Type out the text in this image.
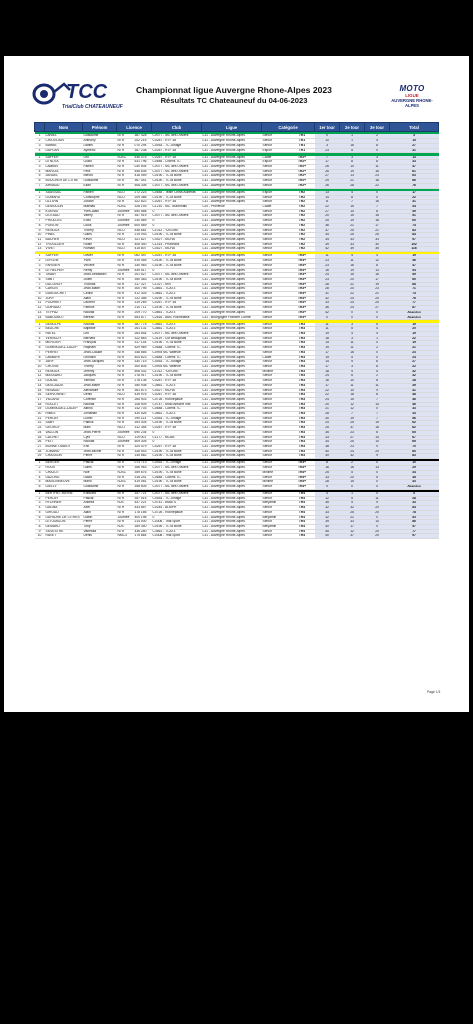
TCC
TrialClub CHATEAUNEUF
Championnat ligue Auvergne Rhone-Alpes 2023
Résultats TC Chateauneuf du 04-06-2023
MOTO
LIGUE
AUVERGNE RHONE-ALPES
	Nom	Prénom	Licence		Club	Ligue	Catégorie		1er tour	2e tour	3e tour	Total

1	LANIEL	Guillaume	NTR	367 428	C0077 - MC des Oliviers	L31 - Auvergne Rhone-Alpes	Senior	TR1	0	1	2	3
2	CHATELAIN	Anthony	NTR	202 215	C0267 - RTF 38	L31 - Auvergne Rhone-Alpes	Senior	TR1	10	1	4	15
3	BARBE	Daniel	NTR	070 294	C0453 - TC Jonage	L31 - Auvergne Rhone-Alpes	Senior	TR1	3	16	8	27
4	DUPLAN	Aymeric	NTR	367 238	C0267 - RTF 38	L31 - Auvergne Rhone-Alpes	Espoir	TR1	23	5	0	31

1	SAFFER	Leo	NJSC	536 075	C0267 - RTF 38	L31 - Auvergne Rhone-Alpes	Cadet	TR2+	7	3	3	13
2	DI NOTA	Giulio	NTR	531 796	C0648 - Colens TC	L31 - Auvergne Rhone-Alpes	Espoir	TR2+	17	8	8	33
3	LAMBIN	Fabien	NTR	030 504	C0077 - MC des Oliviers	L31 - Auvergne Rhone-Alpes	Senior	TR2+	26	10	11	47
4	MARCEL	Félix	NTR	548 835	C0077 - MC des Oliviers	L31 - Auvergne Rhone-Alpes	Senior	TR2+	26	19	16	61
5	JANUEL	Benoit	NTR	416 059	C0190 - TC la Burle	L31 - Auvergne Rhone-Alpes	Senior	TR2+	27	13	23	63
6	BOUCHER DE CITRE	Guillaume	NTR	367 441	C0190 - TC la Burle	L31 - Auvergne Rhone-Alpes	Senior	TR2+	29	21	16	66
7	ARNAUD	Elian	NTR	508 306	C0077 - MC des Oliviers	L31 - Auvergne Rhone-Alpes	Senior	TR2+	26	28	22	76

1	SAUSSAC	Fabien	NCO	272 223	C0648 - Team Cross Auberas	L31 - Auvergne Rhone-Alpes	Espoir	TR2	13	4	0	17
2	DOMARD	Christophe	NCO	209 366	C0190 - TC la Burle	L31 - Auvergne Rhone-Alpes	Senior	TR2	14	8	0	22
3	OLLIVIN	Jordan	NTR	322 822	C0267 - RTF 38	L31 - Auvergne Rhone-Alpes	Senior	TR2	8	7	16	31
4	DEMOULIN	Mathias	NJSC	326 193	C1210 - MC Toulonnais	L20 - Provence	Cadet	TR2	22	15	7	44
5	KOENIG	Yves-Alain	Journée	690 568	0	L31 - Auvergne Rhone-Alpes	Senior	TR2	27	14	8	49
6	LIOTAUD	Valéry	NTR	357 919	C0077 - MC des Oliviers	L31 - Auvergne Rhone-Alpes	Senior	TR2	20	15	16	51
7	PRIOLLES	Enzo	Journée	230 569	0	L31 - Auvergne Rhone-Alpes	Senior	TR2	25	19	16	60
8	POISON	Louis	Journée	600 569	0	L31 - Auvergne Rhone-Alpes	Senior	TR2	36	21	17	74
9	RENOUX	Thierry	NCO	538 681	C1012 - YZEURE	L31 - Auvergne Rhone-Alpes	Senior	TR2	37	25	21	83
10	PINEL	Gilles	NTR	219 093	C0190 - TC la Burle	L31 - Auvergne Rhone-Alpes	Senior	TR2	34	25	25	84
11	BACHER	Kevin	NCO	321 827	C0427 - MCHA	L31 - Auvergne Rhone-Alpes	Senior	TR2	34	33	33	97
12	TROULLIER	Robin	NTR	408 440	C1414 - Pruneaux	L31 - Auvergne Rhone-Alpes	Senior	TR2	39	33	30	102
13	VIVET	Romain	NCO	415 807	C0427 - MCHA	L31 - Auvergne Rhone-Alpes	Senior	TR2	42	39	35	116

1	SAFFER	Olivier	NTR	062 497	C0267 - RTF 38	L31 - Auvergne Rhone-Alpes	Senior	TR3+	11	4	4	19
2	LEFLEM	Yves	NTR	519 455	C0190 - TC la Burle	L31 - Auvergne Rhone-Alpes	Senior	TR3+	23	11	12	46
3	FARGIER	Vincent	NTR	330 963	C0190 - TC la Burle	L31 - Auvergne Rhone-Alpes	Senior	TR3+	23	16	8	47
4	LE HELPER	Remy	Journée	539 517	0	L31 - Auvergne Rhone-Alpes	Senior	TR3+	16	19	13	54
5	TAVAR	Jean-Sebastien	NTR	201 527	C0077 - MC des Oliviers	L31 - Auvergne Rhone-Alpes	Senior	TR3+	24	15	16	59
6	SIMIT	Julien	NTR	350 483	C0190 - TC la Burle	L31 - Auvergne Rhone-Alpes	Senior	TR3+	23	20	17	60
7	DUCONGY	Thomas	NTR	317 327	C1027 - MVI	L31 - Auvergne Rhone-Alpes	Senior	TR3+	28	21	19	68
8	CARLIN	Jean-Marie	NTR	300 795	C3661 - TCAT3	L31 - Auvergne Rhone-Alpes	Senior	TR3+	28	20	23	71
9	DUBOUCHET	Cédric	NTR	412 303	C3661 - TCAT3	L31 - Auvergne Rhone-Alpes	Senior	TR3+	31	22	21	74
10	JURY	Alain	NTR	222 356	C0190 - TC la Burle	L31 - Auvergne Rhone-Alpes	Senior	TR3+	32	24	20	76
11	POURRET	Laurent	NTR	319 269	C0267 - RTF 38	L31 - Auvergne Rhone-Alpes	Senior	TR3+	33	24	20	77
12	GUIRAUD	Fabrice	NTR	210 711	C0190 - TC la Burle	L31 - Auvergne Rhone-Alpes	Senior	TR3+	36	24	27	87
13	TEYPAZ	Nicolas	NTR	209 770	C3661 - TCAT3	L31 - Auvergne Rhone-Alpes	Senior	TR3+	42	0	0	Abandon
14	BABOUNOT	Bertran	NTR	553 877	C2616 - AMC Rochelaise	L31 - Bourgogne Franche Comte	Senior	TR3+	0	0	0	Abandon

1	DENOLPE	Nicolas	NTR	387 775	C3661 - TCAT3	L31 - Auvergne Rhone-Alpes	Senior	TR3	11	3	5	19
2	BEUCHE	Baptiste	NTR	261 131	C3661 - TCAT3	L31 - Auvergne Rhone-Alpes	Senior	TR3	11	5	4	20
3	RATEL	Leo	NTR	263 644	C0077 - MC des Oliviers	L31 - Auvergne Rhone-Alpes	Senior	TR3	19	4	4	19
4	VERNOZY	Bernard	NTR	322 863	C3119 - CM Beaujolais	L31 - Auvergne Rhone-Alpes	Senior	TR3	18	3	1	22
5	MERCIER	François	NTR	317 144	C0190 - TC la Burle	L31 - Auvergne Rhone-Alpes	Senior	TR3	14	11	0	19
6	DOMINGUEZ-LACEP	Raphael	NTR	529 969	C0648 - Colens TC	L31 - Auvergne Rhone-Alpes	Senior	TR3	19	11	2	21
7	PERRET	Jean-Claude	NTR	348 666	C0993 MC Valence	L31 - Auvergne Rhone-Alpes	Senior	TR3	17	16	0	23
8	LABBAYE	Leonard	NTR	404 623	C0648 - Colens TC	L31 - Auvergne Rhone-Alpes	Cadet	TR3	19	5	0	24
9	JARY	Jean Jacques	NTR	330 719	C0453 - TC Jonage	L31 - Auvergne Rhone-Alpes	Senior	TR3	14	9	6	27
10	CHOVIN	Thierry	NTR	300 805	C0993 MC Valence	L31 - Auvergne Rhone-Alpes	Senior	TR3	17	3	8	22
11	RENOUX	Jérémy	NTR	506 432	C1012 - YZEURE	L31 - Auvergne Rhone-Alpes	Minime	TR3	18	9	5	32
12	MASSARD	Jacques	NTR	278 917	C0190 - TC la Burle	L31 - Auvergne Rhone-Alpes	Senior	TR3	24	6	2	32
13	GUIDAL	Yannick	NTR	278 136	C0267 - RTF 38	L31 - Auvergne Rhone-Alpes	Senior	TR3	16	10	8	28
14	DESCAUZE	Jean-Marie	NTR	350 938	C3661 - TCAT3	L31 - Auvergne Rhone-Alpes	Senior	TR3	17	11	11	39
15	RENAUD	Alexandre	NTR	361 873	C0427 - MCHA	L31 - Auvergne Rhone-Alpes	Senior	TR3	22	10	9	41
16	SERVONNET	Denis	NCO	439 976	C0267 - RTF 38	L31 - Auvergne Rhone-Alpes	Senior	TR3	22	18	8	48
17	VILLARD	Corentin	NTR	265 903	C0726 - Rochepaule	L31 - Auvergne Rhone-Alpes	Senior	TR3	24	15	7	46
18	ROLLET	Nicolas	NTR	108 909	C0747 - Moto Antiche Inst	L31 - Auvergne Rhone-Alpes	Senior	TR3	20	12	14	46
19	DOMINGUEZ-LACEP	Albino	NTR	142 703	C0648 - Colens TC	L31 - Auvergne Rhone-Alpes	Senior	TR3	21	12	0	33
20	RIBES	Jonathan	NTR	430 526	C3661 - TCAT3	L31 - Auvergne Rhone-Alpes	Senior	TR3	28	7	7	33
21	PERLAY	Lionel	NTR	290 113	C0453 - TC Jonage	L31 - Auvergne Rhone-Alpes	Senior	TR3	30	19	7	56
22	SABY	Patrick	NTR	393 405	C0190 - TC la Burle	L31 - Auvergne Rhone-Alpes	Senior	TR3	24	25	19	62
23	GEORGY	Marc	NCO	312 354	C0267 - RTF 38	L31 - Auvergne Rhone-Alpes	Senior	TR3	25	37	18	62
24	VALLON	Jean-Pierre	Journée	690 235	0	L31 - Auvergne Rhone-Alpes	Senior	TR3	35	23	6	65
25	CACHET	Cyril	NCO	119 001	C1177 - MCAB	L31 - Auvergne Rhone-Alpes	Senior	TR3	33	27	14	67
26	PIOT	Nicolas	Journée	509 305	0	L31 - Auvergne Rhone-Alpes	Senior	TR3	34	25	10	69
27	BONNET-MAIOT	Eric	NTR	324 479	C0267 - RTF 38	L31 - Auvergne Rhone-Alpes	Senior	TR3	38	23	9	70
28	JOMARD	Jean-Michel	NTR	328 543	C0190 - TC la Burle	L31 - Auvergne Rhone-Alpes	Senior	TR3	40	24	20	80
29	CHASSON	Pierre	NTR	145 562	C0190 - TC la Burle	L31 - Auvergne Rhone-Alpes	Senior	TR3	39	32	9	83

1	BERGER	Pascal	NTR	073 713	C0453 - TC Jonage	L31 - Auvergne Rhone-Alpes	Senior	TR4+	8	2	0	10
2	ROUX	Gilles	NTR	356 963	C0077 - MC des Oliviers	L31 - Auvergne Rhone-Alpes	Senior	TR4+	16	16	13	29
3	CHAZOT	Noe	NJSC	359 676	C0190 - TC la Burle	L31 - Auvergne Rhone-Alpes	Minime	TR4+	25	5	0	34
4	DAZORD	David	NTR	318 241	C0648 - Colens TC	L31 - Auvergne Rhone-Alpes	Senior	TR4+	33	20	5	38
5	MAISONNEUVE	Mario	NJSC	419 081	C0190 - TC la Burle	L31 - Auvergne Rhone-Alpes	Minime	TR4+	28	15	0	43
6	GIELLY	Guillaume	NTR	398 605	C0077 - MC des Oliviers	L31 - Auvergne Rhone-Alpes	Senior	TR4+	0	0	0	Abandon

1	BERTHET-RAYNE	Edouard	NTR	157 721	C0077 - MC des Oliviers	L31 - Auvergne Rhone-Alpes	Senior	TR4	4	1	0	5
2	PERLAY	Pascal	NTR	357 515	C0453 - TC Jonage	L31 - Auvergne Rhone-Alpes	Senior	TR4	12	5	11	28
3	FECHNER	Andrea	NJS	447 221	C0741 - AMATS	L31 - Auvergne Rhone-Alpes	Benjamin	TR4	35	9	9	33
4	GAGNA	Axel	NTR	443 857	C0244 - ALMPR	L31 - Auvergne Rhone-Alpes	Senior	TR4	32	32	20	84
5	GIROUD	Alain	NTR	178 166	C0726 - Rochepaule	L31 - Auvergne Rhone-Alpes	Senior	TR4	33	25	20	78
6	DUFAURE DE CITRES	Gabin	Journée	400 196	0	L31 - Auvergne Rhone-Alpes	Benjamin	TR4	32	21	0	53
7	LETOUBLON	Pierre	NTR	214 000	C0308 - Trial Sport	L31 - Auvergne Rhone-Alpes	Senior	TR4	39	33	14	86
8	DEMARD	Tony	NJS	359 440	C0190 - TC la Burle	L31 - Auvergne Rhone-Alpes	Benjamin	TR4	40	17	0	57
9	SILVESTRE	Vanessa	NTR	436 280	C3661 - TCAT3	L31 - Auvergne Rhone-Alpes	Senior	TR4	45	12	20	77
10	RAVET	Denis	NMC3	175 864	C0308 - Trial Sport	L31 - Auvergne Rhone-Alpes	Senior	TR4	40	37	20	97
Page 1/1
